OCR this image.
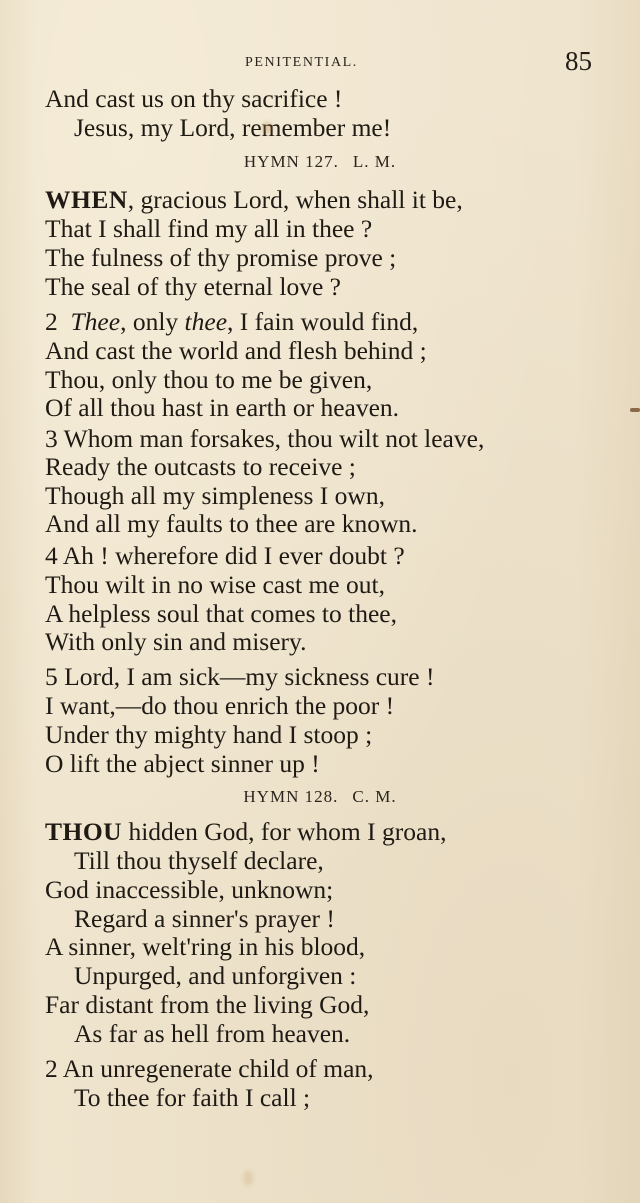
PENITENTIAL.	85
And cast us on thy sacrifice !
Jesus, my Lord, remember me!
HYMN 127. L. M.
WHEN, gracious Lord, when shall it be,
That I shall find my all in thee ?
The fulness of thy promise prove ;
The seal of thy eternal love ?
2  Thee, only thee, I fain would find,
And cast the world and flesh behind ;
Thou, only thou to me be given,
Of all thou hast in earth or heaven.
3 Whom man forsakes, thou wilt not leave,
Ready the outcasts to receive ;
Though all my simpleness I own,
And all my faults to thee are known.
4 Ah ! wherefore did I ever doubt ?
Thou wilt in no wise cast me out,
A helpless soul that comes to thee,
With only sin and misery.
5 Lord, I am sick—my sickness cure !
I want,—do thou enrich the poor !
Under thy mighty hand I stoop ;
O lift the abject sinner up !
HYMN 128. C. M.
THOU hidden God, for whom I groan,
Till thou thyself declare,
God inaccessible, unknown;
Regard a sinner's prayer !
A sinner, welt'ring in his blood,
Unpurged, and unforgiven :
Far distant from the living God,
As far as hell from heaven.
2 An unregenerate child of man,
To thee for faith I call ;
